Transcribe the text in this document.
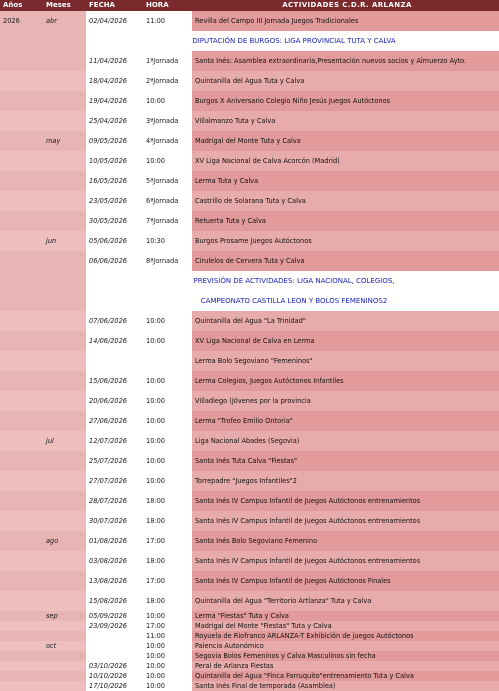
Años	Meses	FECHA	HORA	ACTIVIDADES C.D.R. ARLANZA
2026	abr	02/04/2026	11:00	Revilla del Campo III Jornada Juegos Tradicionales
		DIPUTACIÓN DE BURGOS: LIGA PROVINCIAL TUTA Y CALVA		
		11/04/2026	1ªJornada	Santa Inés: Asamblea extraordinaria,Presentación nuevos socios y Almuerzo Ayto.
		18/04/2026	2ªJornada	Quintanilla del Agua Tuta y Calva
		19/04/2026	10:00	Burgos X Aniversario Colegio Niño Jesús Juegos Autóctonos
		25/04/2026	3ªJornada	Villalmanzo Tuta y Calva
	may	09/05/2026	4ªJornada	Madrigal del Monte Tuta y Calva
		10/05/2026	10:00	XV Liga Nacional de Calva Acorcón (Madrid)
		16/05/2026	5ªJornada	Lerma Tuta y Calva
		23/05/2026	6ªJornada	Castrillo de Solarana Tuta y Calva
		30/05/2026	7ªJornada	Retuerta Tuta y Calva
	jun	05/06/2026	10:30	Burgos Prosame Juegos Autóctonos
		06/06/2026	8ªJornada	Cirulelos de Cervera Tuta y Calva
		PREVISIÓN DE ACTIVIDADES: LIGA NACIONAL, COLEGIOS,		
		CAMPEONATO CASTILLA LEON Y BOLOS FEMENINOS2		
		07/06/2026	10:00	Quintanilla del Agua "La Trinidad"
		14/06/2026	10:00	XV Liga Nacional de Calva en Lerma
				Lerma Bolo Segoviano "Femeninos"
		15/06/2026	10:00	Lerma Colegios, Juegos Autóctonos Infantiles
		20/06/2026	10:00	Villadiego (Jóvenes por la provincia
		27/06/2026	10:00	Lerma "Trofeo Emilio Ontoria"
	jul	12/07/2026	10:00	Liga Nacional Abades (Segovia)
		25/07/2026	10:00	Santa Inés Tuta Calva "Fiestas"
		27/07/2026	10:00	Torrepadre "Juegos Infantiles"2
		28/07/2026	18:00	Santa Inés IV Campus Infantil de Juegos Autóctonos entrenamientos
		30/07/2026	18:00	Santa Inés IV Campus Infantil de Juegos Autóctonos entrenamientos
	ago	01/08/2026	17:00	Santa Inés Bolo Segoviano Femenino
		03/08/2026	18:00	Santa Inés IV Campus Infantil de Juegos Autóctonos entrenamientos
		13/08/2026	17:00	Santa Inés IV Campus Infantil de Juegos Autóctonos Finales
		15/08/2026	18:00	Quintanilla del Agua "Territorio Artlanza" Tuta y Calva
	sep	05/09/2026	10:00	Lerma "Fiestas" Tuta y Calva
		23/09/2026	17:00	Madrigal del Monte "Fiestas" Tuta y Calva
			11:00	Royuela de Riofranco ARLANZA-T Exhibición de juegos Autóctonos
	oct		10:00	Palencia Autonómico
			10:00	Segovia Bolos Femeninos y Calva Masculinos sin fecha
		03/10/2026	10:00	Peral de Arlanza Fiestas
		10/10/2026	10:00	Quintanilla del Agua "Finca Farruquito"entrenamiento Tuta y Calva
		17/10/2026	10:00	Santa Inés Final de temporada (Asamblea)
